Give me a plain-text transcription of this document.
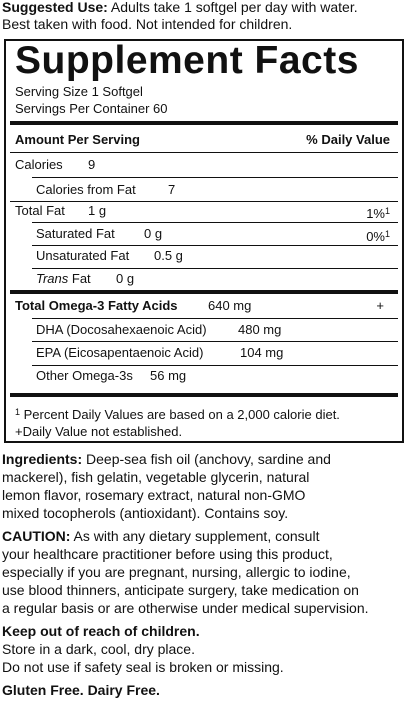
Suggested Use: Adults take 1 softgel per day with water.
Best taken with food. Not intended for children.
Supplement Facts
Serving Size 1 Softgel
Servings Per Container 60
Amount Per Serving	% Daily Value
Calories 9
Calories from Fat 7
Total Fat 1 g	1%$^1$
Saturated Fat 0 g	0%$^1$
Unsaturated Fat 0.5 g
Trans Fat 0 g
Total Omega-3 Fatty Acids 640 mg	+
DHA (Docosahexaenoic Acid) 480 mg
EPA (Eicosapentaenoic Acid)	104 mg
Other Omega-3s 56 mg
$^1$ Percent Daily Values are based on a 2,000 calorie diet.
+Daily Value not established.
Ingredients: Deep-sea fish oil (anchovy, sardine and
mackerel), fish gelatin, vegetable glycerin, natural
lemon flavor, rosemary extract, natural non-GMO
mixed tocopherols (antioxidant). Contains soy.
CAUTION: As with any dietary supplement, consult
your healthcare practitioner before using this product,
especially if you are pregnant, nursing, allergic to iodine,
use blood thinners, anticipate surgery, take medication on
a regular basis or are otherwise under medical supervision.
Keep out of reach of children.
Store in a dark, cool, dry place.
Do not use if safety seal is broken or missing.
Gluten Free. Dairy Free.
